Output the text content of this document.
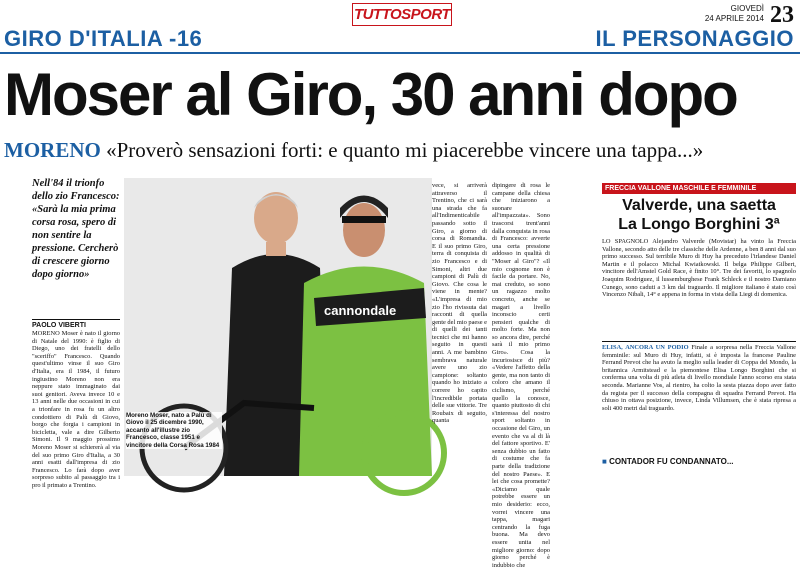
TUTTOSPORT	GIOVEDÌ
24 APRILE 2014 23
GIRO D'ITALIA -16	IL PERSONAGGIO
Moser al Giro, 30 anni dopo
MORENO «Proverò sensazioni forti: e quanto mi piacerebbe vincere una tappa...»
Nell'84 il trionfo dello zio Francesco: «Sarà la mia prima corsa rosa, spero di non sentire la pressione. Cercherò di crescere giorno dopo giorno»
PAOLO VIBERTI
MORENO Moser è nato il giorno di Natale del 1990: è figlio di Diego, uno dei fratelli dello "sceriffo" Francesco. Quando quest'ultimo vinse il suo Giro d'Italia, era il 1984, il futuro ingiustino Moreno non era neppure stato immaginato dai suoi genitori. Aveva invece 10 e 13 anni nelle due occasioni in cui a trionfare in rosa fu un altro condottiero di Palù di Giovo, borgo che forgia i campioni in bicicletta, vale a dire Gilberto Simoni. Il 9 maggio prossimo Moreno Moser si schiererà al via del suo primo Giro d'Italia, a 30 anni esatti dall'impresa di zio Francesco. Lo farà dopo aver sorpreso subito al passaggio tra i pro il primato a Trentino.
cannondale
Moreno Moser, nato a Palù di Giovo il 25 dicembre 1990, accanto all'illustre zio Francesco, classe 1951 e vincitore della Corsa Rosa 1984
vece, si arriverà attraverso il Trentino, che ci sarà una strada che fa all'Indimenticabile passando sotto il Giro, a giorno di corsa di Romandia. E il suo primo Giro, terra di conquista di zio Francesco e di Simoni, altri due campioni di Palù di Giovo. Che cosa le viene in mente? «L'impresa di mio zio l'ho rivissuta dai racconti di quella gente del mio paese e di quelli dei tanti tecnici che mi hanno seguito in questi anni. A me bambino sembrava naturale avere uno zio campione: soltanto quando ho iniziato a correre ho capito l'incredibile portata delle sue vittorie. Tre Roubaix di seguito, quanta
dipingere di rosa le campane della chiesa che iniziarono a suonare all'impazzata». Sono trascorsi trent'anni dalla conquista in rosa di Francesco: avverte una certa pressione addosso in qualità di "Moser al Giro"? «Il mio cognome non è facile da portare. No, mai creduto, so sono un ragazzo molto concreto, anche se magari a livello inconscio certi pensieri qualche di molto forte. Ma non so ancora dire, perché sarà il mio primo Giro». Cosa la incuriosisce di più? «Vedere l'affetto della gente, ma non tanto di coloro che amano il ciclismo, perché quello la conosce, quanto piuttosto di chi s'interessa del nostro sport soltanto in occasione del Giro, un evento che va al di là del fattore sportivo. E' senza dubbio un fatto di costume che fa parte della tradizione del nostro Paese». E lei che cosa promette? «Diciamo quale potrebbe essere un mio desiderio: ecco, vorrei vincere una tappa, magari centrando la fuga buona. Ma devo essere unita nel migliore giorno: dopo giorno perché è indubbio che
FRECCIA VALLONE MASCHILE E FEMMINILE
Valverde, una saetta
La Longo Borghini 3ª
LO SPAGNOLO Alejandro Valverde (Movistar) ha vinto la Freccia Vallone, secondo atto delle tre classiche delle Ardenne, a ben 8 anni dal suo primo successo. Sul terribile Muro di Huy ha preceduto l'irlandese Daniel Martin e il polacco Michal Kwiatkowski. Il belga Philippe Gilbert, vincitore dell'Amstel Gold Race, è finito 10°. Tre dei favoriti, lo spagnolo Joaquim Rodriguez, il lussemburghese Frank Schleck e il nostro Damiano Cunego, sono caduti a 3 km dal traguardo. Il migliore italiano è stato così Vincenzo Nibali, 14° e appena in forma in vista della Liegi di domenica.
ELISA, ANCORA UN PODIO Finale a sorpresa nella Freccia Vallone femminile: sul Muro di Huy, infatti, si è imposta la francese Pauline Ferrand Prevot che ha avuto la meglio sulla leader di Coppa del Mondo, la britannica Armitstead e la piemontese Elisa Longo Borghini che si conferma una volta di più atleta di livello mondiale l'anno scorso era stata seconda. Marianne Vos, al rientro, ha colto la sesta piazza dopo aver fatto da regista per il successo della compagna di squadra Ferrand Prevot. Ha chiuso in ottava posizione, invece, Linda Villumsen, che è stata ripresa a soli 400 metri dal traguardo.
■ CONTADOR FU CONDANNATO...
